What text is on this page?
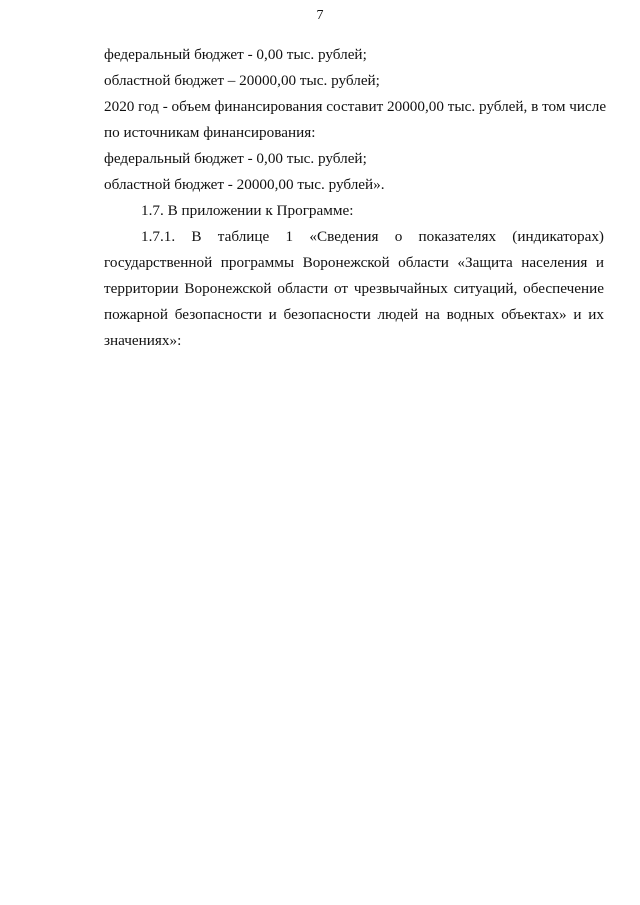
7
федеральный бюджет - 0,00 тыс. рублей;
областной бюджет – 20000,00 тыс. рублей;
2020 год - объем финансирования составит 20000,00 тыс. рублей, в том числе
по источникам финансирования:
федеральный бюджет - 0,00 тыс. рублей;
областной бюджет - 20000,00 тыс. рублей».
1.7. В приложении к Программе:
1.7.1. В таблице 1 «Сведения о показателях (индикаторах)
государственной программы Воронежской области «Защита населения и
территории Воронежской области от чрезвычайных ситуаций, обеспечение
пожарной безопасности и безопасности людей на водных объектах» и их
значениях»:
